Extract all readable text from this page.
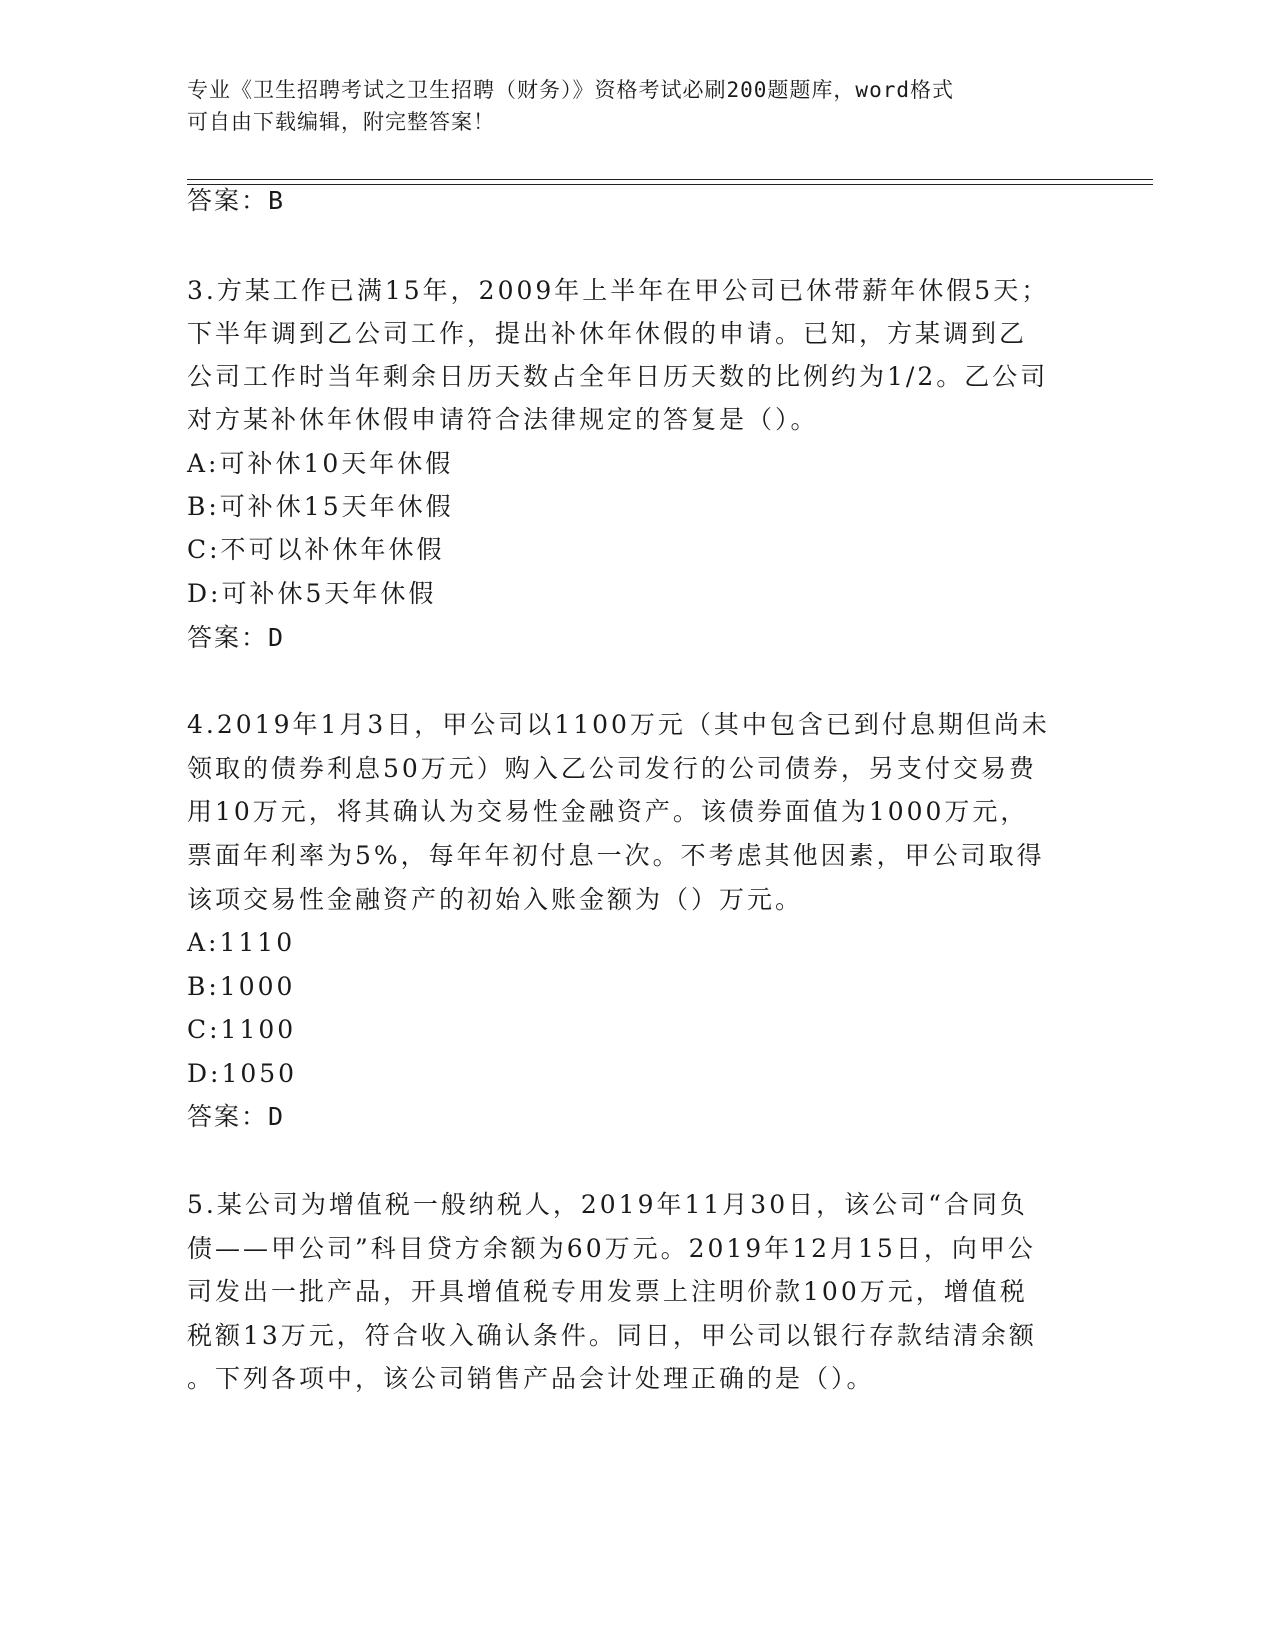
专业《卫生招聘考试之卫生招聘（财务）》资格考试必刷200题题库，word格式
可自由下载编辑，附完整答案！
答案：B
3.方某工作已满15年，2009年上半年在甲公司已休带薪年休假5天；
下半年调到乙公司工作，提出补休年休假的申请。已知，方某调到乙
公司工作时当年剩余日历天数占全年日历天数的比例约为1/2。乙公司
对方某补休年休假申请符合法律规定的答复是（）。
A:可补休10天年休假
B:可补休15天年休假
C:不可以补休年休假
D:可补休5天年休假
答案：D
4.2019年1月3日，甲公司以1100万元（其中包含已到付息期但尚未
领取的债券利息50万元）购入乙公司发行的公司债券，另支付交易费
用10万元，将其确认为交易性金融资产。该债券面值为1000万元，
票面年利率为5%，每年年初付息一次。不考虑其他因素，甲公司取得
该项交易性金融资产的初始入账金额为（）万元。
A:1110
B:1000
C:1100
D:1050
答案：D
5.某公司为增值税一般纳税人，2019年11月30日，该公司“合同负
债——甲公司”科目贷方余额为60万元。2019年12月15日，向甲公
司发出一批产品，开具增值税专用发票上注明价款100万元，增值税
税额13万元，符合收入确认条件。同日，甲公司以银行存款结清余额
。下列各项中，该公司销售产品会计处理正确的是（）。
